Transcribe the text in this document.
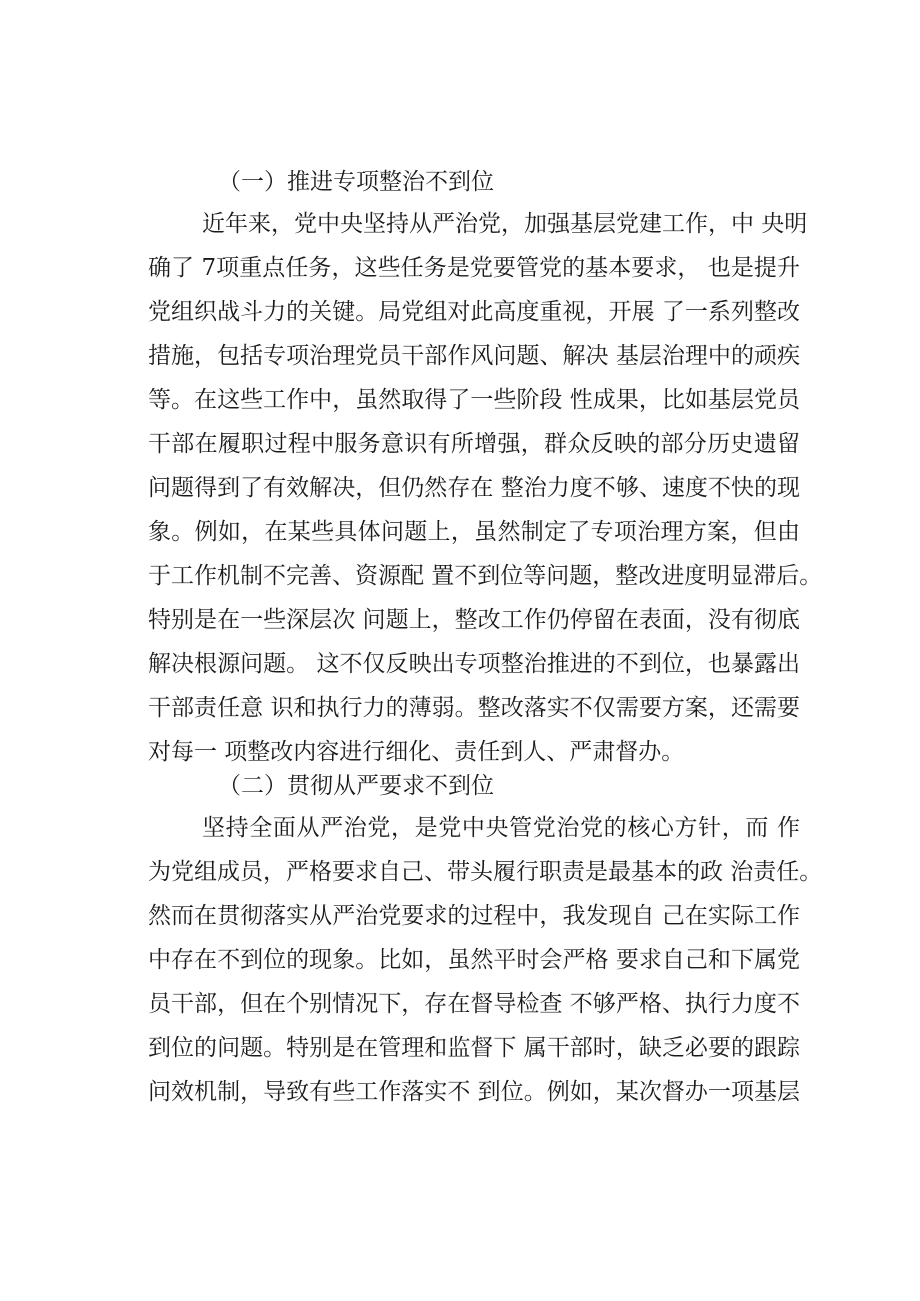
（一）推进专项整治不到位
近年来，党中央坚持从严治党，加强基层党建工作，中 央明
确了 7项重点任务，这些任务是党要管党的基本要求， 也是提升
党组织战斗力的关键。局党组对此高度重视，开展 了一系列整改
措施，包括专项治理党员干部作风问题、解决 基层治理中的顽疾
等。在这些工作中，虽然取得了一些阶段 性成果，比如基层党员
干部在履职过程中服务意识有所增强，群众反映的部分历史遗留
问题得到了有效解决，但仍然存在 整治力度不够、速度不快的现
象。例如，在某些具体问题上，虽然制定了专项治理方案，但由
于工作机制不完善、资源配 置不到位等问题，整改进度明显滞后。
特别是在一些深层次 问题上，整改工作仍停留在表面，没有彻底
解决根源问题。 这不仅反映出专项整治推进的不到位，也暴露出
干部责任意 识和执行力的薄弱。整改落实不仅需要方案，还需要
对每一 项整改内容进行细化、责任到人、严肃督办。
（二）贯彻从严要求不到位
坚持全面从严治党，是党中央管党治党的核心方针，而 作
为党组成员，严格要求自己、带头履行职责是最基本的政 治责任。
然而在贯彻落实从严治党要求的过程中，我发现自 己在实际工作
中存在不到位的现象。比如，虽然平时会严格 要求自己和下属党
员干部，但在个别情况下，存在督导检查 不够严格、执行力度不
到位的问题。特别是在管理和监督下 属干部时，缺乏必要的跟踪
问效机制，导致有些工作落实不 到位。例如，某次督办一项基层
